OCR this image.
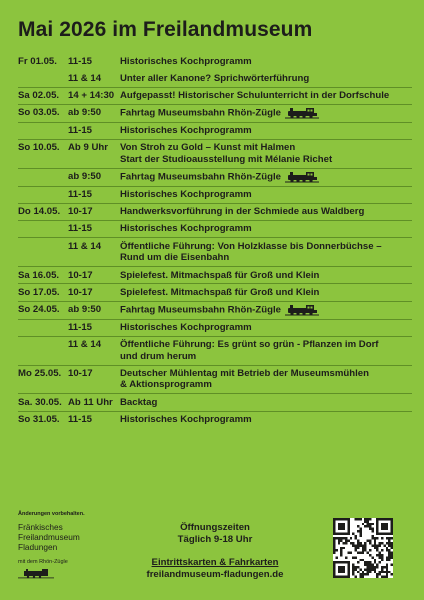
Mai 2026 im Freilandmuseum
Fr 01.05.	11-15	Historisches Kochprogramm
11 & 14	Unter aller Kanone? Sprichwörterführung
Sa 02.05. 14 + 14:30 Aufgepasst! Historischer Schulunterricht in der Dorfschule
So 03.05. ab 9:50	Fahrtag Museumsbahn Rhön-Zügle
11-15	Historisches Kochprogramm
So 10.05. Ab 9 Uhr	Von Stroh zu Gold – Kunst mit Halmen
Start der Studioausstellung mit Mélanie Richet
ab 9:50	Fahrtag Museumsbahn Rhön-Zügle
11-15	Historisches Kochprogramm
Do 14.05. 10-17	Handwerksvorführung in der Schmiede aus Waldberg
11-15	Historisches Kochprogramm
11 & 14	Öffentliche Führung: Von Holzklasse bis Donnerbüchse –
Rund um die Eisenbahn
Sa 16.05. 10-17	Spielefest. Mitmachspaß für Groß und Klein
So 17.05. 10-17	Spielefest. Mitmachspaß für Groß und Klein
So 24.05. ab 9:50	Fahrtag Museumsbahn Rhön-Zügle
11-15	Historisches Kochprogramm
11 & 14	Öffentliche Führung: Es grünt so grün - Pflanzen im Dorf
und drum herum
Mo 25.05. 10-17	Deutscher Mühlentag mit Betrieb der Museumsmühlen
& Aktionsprogramm
Sa. 30.05. Ab 11 Uhr Backtag
So 31.05. 11-15	Historisches Kochprogramm
Änderungen vorbehalten.
Fränkisches
Freilandmuseum
Fladungen
mit dem Rhön-Zügle
Öffnungszeiten
Täglich 9-18 Uhr
Eintrittskarten & Fahrkarten
freilandmuseum-fladungen.de
